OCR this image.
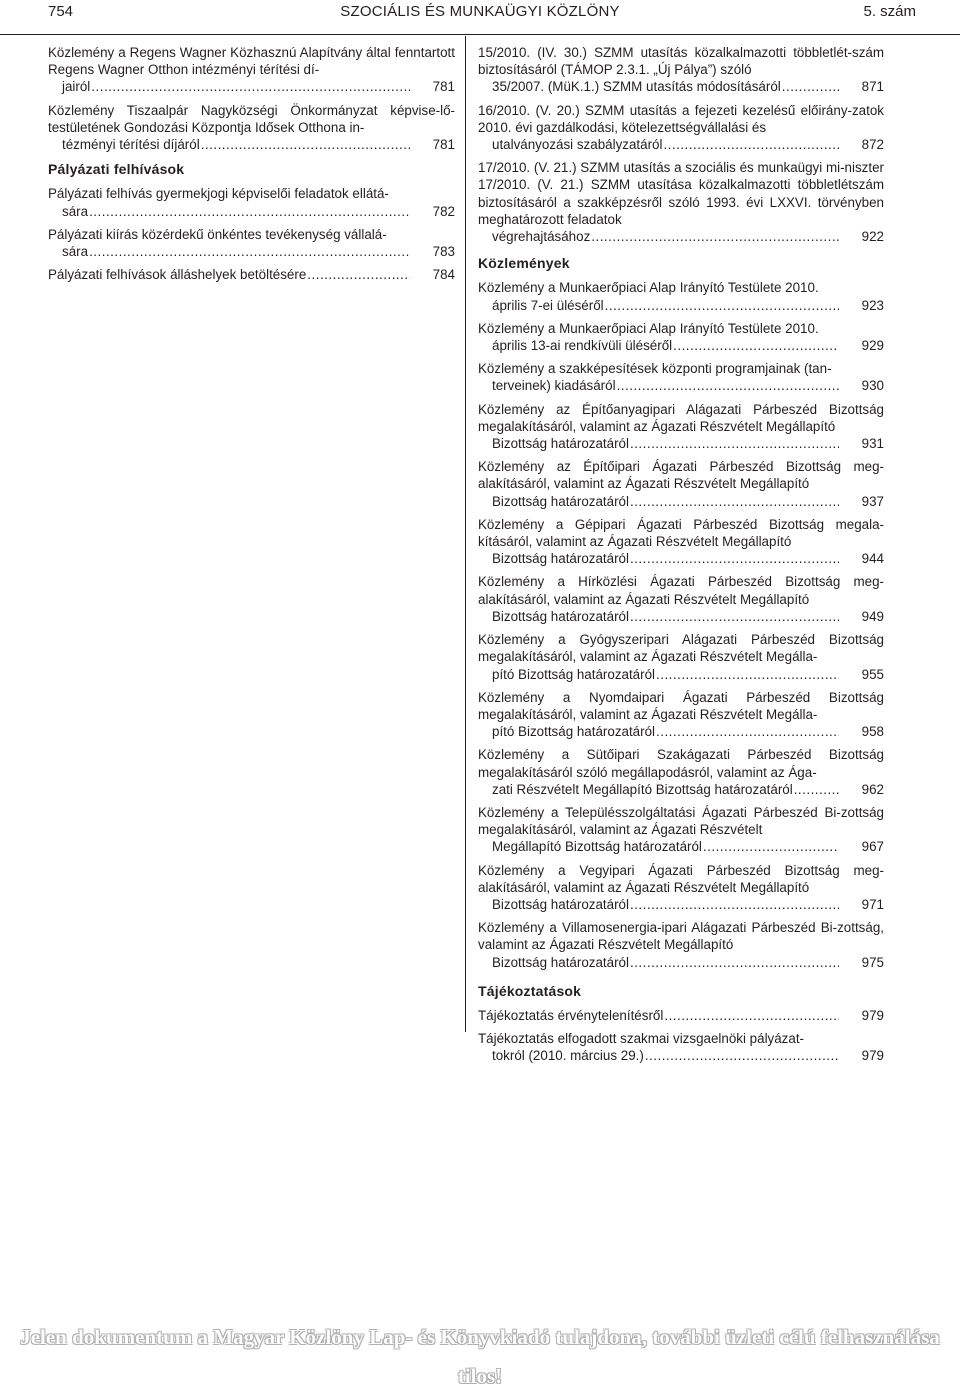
754	SZOCIÁLIS ÉS MUNKAÜGYI KÖZLÖNY	5. szám
Közlemény a Regens Wagner Közhasznú Alapítvány által fenntartott Regens Wagner Otthon intézményi térítési dí-
jairól .....	781
Közlemény Tiszaalpár Nagyközségi Önkormányzat képvise-lő-testületének Gondozási Központja Idősek Otthona in-
tézményi térítési díjáról .....	781
Pályázati felhívások
Pályázati felhívás gyermekjogi képviselői feladatok ellátá-
sára .....	782
Pályázati kiírás közérdekű önkéntes tevékenység vállalá-
sára .....	783
Pályázati felhívások álláshelyek betöltésére .....	784
15/2010. (IV. 30.) SZMM utasítás közalkalmazotti többletlét-szám biztosításáról (TÁMOP 2.3.1. „Új Pálya”) szóló
35/2007. (MüK.1.) SZMM utasítás módosításáról .....	871
16/2010. (V. 20.) SZMM utasítás a fejezeti kezelésű előirány-zatok 2010. évi gazdálkodási, kötelezettségvállalási és
utalványozási szabályzatáról .....	872
17/2010. (V. 21.) SZMM utasítás a szociális és munkaügyi mi-niszter 17/2010. (V. 21.) SZMM utasítása közalkalmazotti többletlétszám biztosításáról a szakképzésről szóló 1993. évi LXXVI. törvényben meghatározott feladatok
végrehajtásához .....	922
Közlemények
Közlemény a Munkaerőpiaci Alap Irányító Testülete 2010.
április 7-ei üléséről .....	923
Közlemény a Munkaerőpiaci Alap Irányító Testülete 2010.
április 13-ai rendkívüli üléséről .....	929
Közlemény a szakképesítések központi programjainak (tan-
terveinek) kiadásáról .....	930
Közlemény az Építőanyagipari Alágazati Párbeszéd Bizottság megalakításáról, valamint az Ágazati Részvételt Megállapító
Bizottság határozatáról .....	931
Közlemény az Építőipari Ágazati Párbeszéd Bizottság meg-alakításáról, valamint az Ágazati Részvételt Megállapító
Bizottság határozatáról .....	937
Közlemény a Gépipari Ágazati Párbeszéd Bizottság megala-kításáról, valamint az Ágazati Részvételt Megállapító
Bizottság határozatáról .....	944
Közlemény a Hírközlési Ágazati Párbeszéd Bizottság meg-alakításáról, valamint az Ágazati Részvételt Megállapító
Bizottság határozatáról .....	949
Közlemény a Gyógyszeripari Alágazati Párbeszéd Bizottság megalakításáról, valamint az Ágazati Részvételt Megálla-
pító Bizottság határozatáról .....	955
Közlemény a Nyomdaipari Ágazati Párbeszéd Bizottság megalakításáról, valamint az Ágazati Részvételt Megálla-
pító Bizottság határozatáról .....	958
Közlemény a Sütőipari Szakágazati Párbeszéd Bizottság megalakításáról szóló megállapodásról, valamint az Ága-
zati Részvételt Megállapító Bizottság határozatáról .....	962
Közlemény a Településszolgáltatási Ágazati Párbeszéd Bi-zottság megalakításáról, valamint az Ágazati Részvételt
Megállapító Bizottság határozatáról .....	967
Közlemény a Vegyipari Ágazati Párbeszéd Bizottság meg-alakításáról, valamint az Ágazati Részvételt Megállapító
Bizottság határozatáról .....	971
Közlemény a Villamosenergia-ipari Alágazati Párbeszéd Bi-zottság, valamint az Ágazati Részvételt Megállapító
Bizottság határozatáról .....	975
Tájékoztatások
Tájékoztatás érvénytelenítésről .....	979
Tájékoztatás elfogadott szakmai vizsgaelnöki pályázat-
tokról (2010. március 29.) .....	979
Jelen dokumentum a Magyar Közlöny Lap- és Könyvkiadó tulajdona, további üzleti célú felhasználása tilos!
